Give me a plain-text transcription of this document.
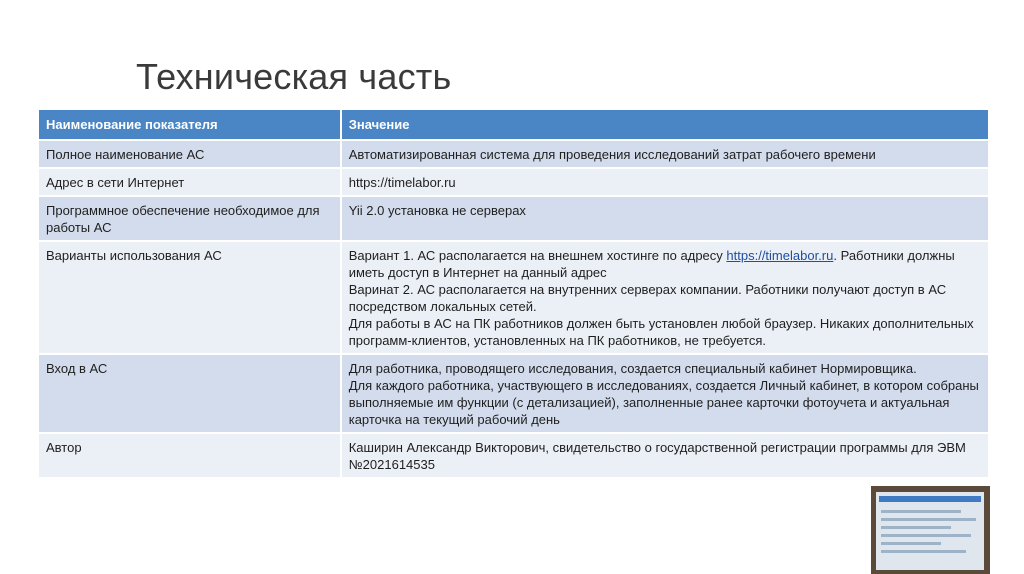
Техническая часть
Наименование показателя	Значение
Полное наименование АС	Автоматизированная система для проведения исследований затрат рабочего времени

Адрес в сети Интернет	https://timelabor.ru

Программное обеспечение необходимое для работы АС	Yii 2.0 установка не серверах

Варианты использования АС	Вариант 1. АС располагается на внешнем хостинге по адресу https://timelabor.ru. Работники должны иметь доступ в Интернет на данный адрес
Варинат 2. АС располагается на внутренних серверах компании. Работники получают доступ в АС посредством локальных сетей.
Для работы в АС на ПК работников должен быть установлен любой браузер. Никаких дополнительных программ-клиентов, установленных на ПК работников, не требуется.

Вход в АС	Для работника, проводящего исследования, создается специальный кабинет Нормировщика.
Для каждого работника, участвующего в исследованиях, создается Личный кабинет, в котором собраны выполняемые им функции (с детализацией), заполненные ранее карточки фотоучета и актуальная карточка на текущий рабочий день

Автор	Каширин Александр Викторович, свидетельство о государственной регистрации программы для ЭВМ №2021614535
